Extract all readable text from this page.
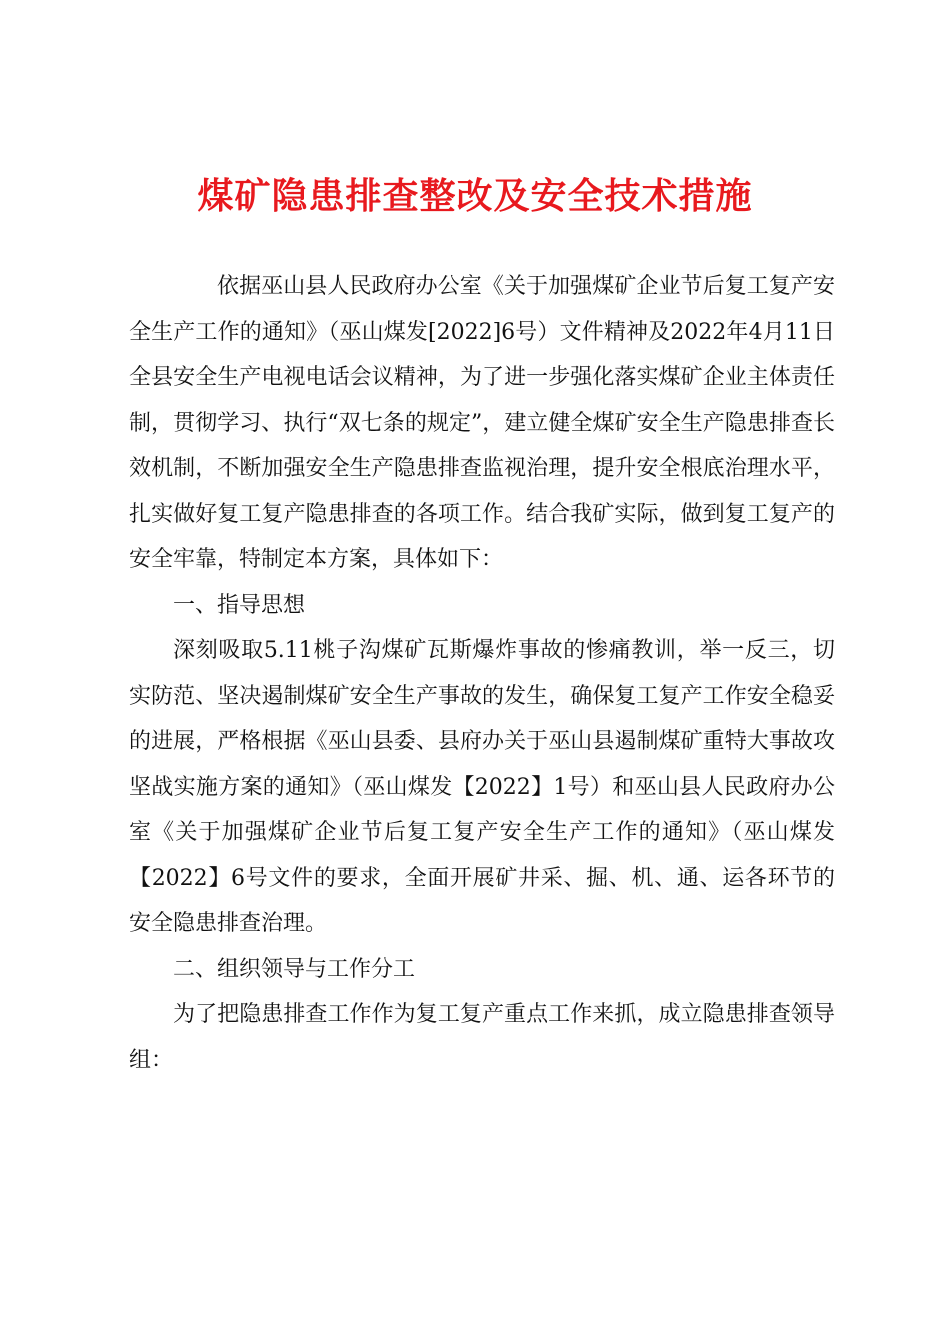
煤矿隐患排查整改及安全技术措施

依据巫山县人民政府办公室《关于加强煤矿企业节后复工复产安全生产工作的通知》（巫山煤发[2022]6号）文件精神及2022年4月11日全县安全生产电视电话会议精神，为了进一步强化落实煤矿企业主体责任制，贯彻学习、执行“双七条的规定”，建立健全煤矿安全生产隐患排查长效机制，不断加强安全生产隐患排查监视治理，提升安全根底治理水平，扎实做好复工复产隐患排查的各项工作。结合我矿实际，做到复工复产的安全牢靠，特制定本方案，具体如下：

一、指导思想

深刻吸取5.11桃子沟煤矿瓦斯爆炸事故的惨痛教训，举一反三，切实防范、坚决遏制煤矿安全生产事故的发生，确保复工复产工作安全稳妥的进展，严格根据《巫山县委、县府办关于巫山县遏制煤矿重特大事故攻坚战实施方案的通知》（巫山煤发【2022】1号）和巫山县人民政府办公室《关于加强煤矿企业节后复工复产安全生产工作的通知》（巫山煤发【2022】6号文件的要求，全面开展矿井采、掘、机、通、运各环节的安全隐患排查治理。

二、组织领导与工作分工

为了把隐患排查工作作为复工复产重点工作来抓，成立隐患排查领导组：
